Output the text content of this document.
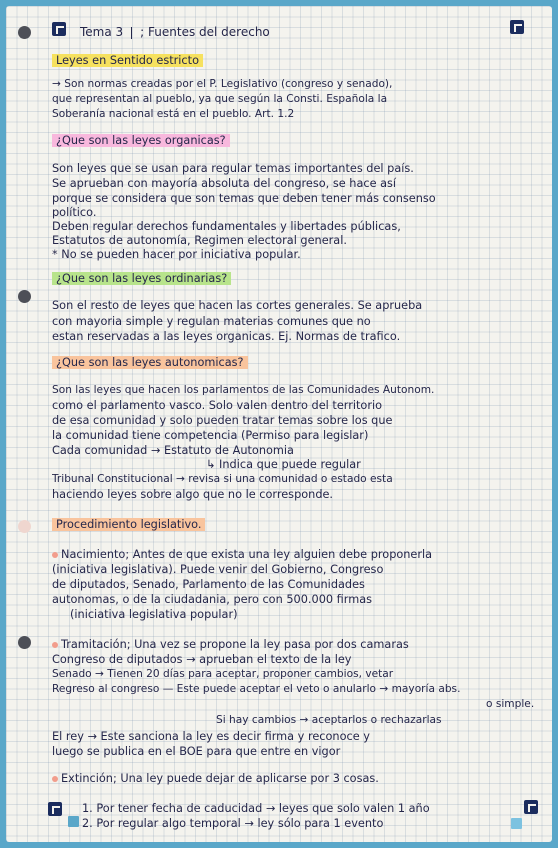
Tema 3 ; Fuentes del derecho
Leyes en Sentido estricto
→ Son normas creadas por el P. Legislativo (congreso y senado),
que representan al pueblo, ya que según la Consti. Española la
Soberanía nacional está en el pueblo. Art. 1.2
¿Que son las leyes organicas?
Son leyes que se usan para regular temas importantes del país.
Se aprueban con mayoría absoluta del congreso, se hace así
porque se considera que son temas que deben tener más consenso
político.
Deben regular derechos fundamentales y libertades públicas,
Estatutos de autonomía, Regimen electoral general.
* No se pueden hacer por iniciativa popular.
¿Que son las leyes ordinarias?
Son el resto de leyes que hacen las cortes generales. Se aprueba
con mayoria simple y regulan materias comunes que no
estan reservadas a las leyes organicas. Ej. Normas de trafico.
¿Que son las leyes autonomicas?
Son las leyes que hacen los parlamentos de las Comunidades Autonom.
como el parlamento vasco. Solo valen dentro del territorio
de esa comunidad y solo pueden tratar temas sobre los que
la comunidad tiene competencia (Permiso para legislar)
Cada comunidad → Estatuto de Autonomia
↳ Indica que puede regular
Tribunal Constitucional → revisa si una comunidad o estado esta
haciendo leyes sobre algo que no le corresponde.
Procedimiento legislativo.
Nacimiento; Antes de que exista una ley alguien debe proponerla
(iniciativa legislativa). Puede venir del Gobierno, Congreso
de diputados, Senado, Parlamento de las Comunidades
autonomas, o de la ciudadania, pero con 500.000 firmas
(iniciativa legislativa popular)
Tramitación; Una vez se propone la ley pasa por dos camaras
Congreso de diputados → aprueban el texto de la ley
Senado → Tienen 20 días para aceptar, proponer cambios, vetar
Regreso al congreso — Este puede aceptar el veto o anularlo → mayoría abs.
o simple.
Si hay cambios → aceptarlos o rechazarlas
El rey → Este sanciona la ley es decir firma y reconoce y
luego se publica en el BOE para que entre en vigor
Extinción; Una ley puede dejar de aplicarse por 3 cosas.
1. Por tener fecha de caducidad → leyes que solo valen 1 año
2. Por regular algo temporal → ley sólo para 1 evento
